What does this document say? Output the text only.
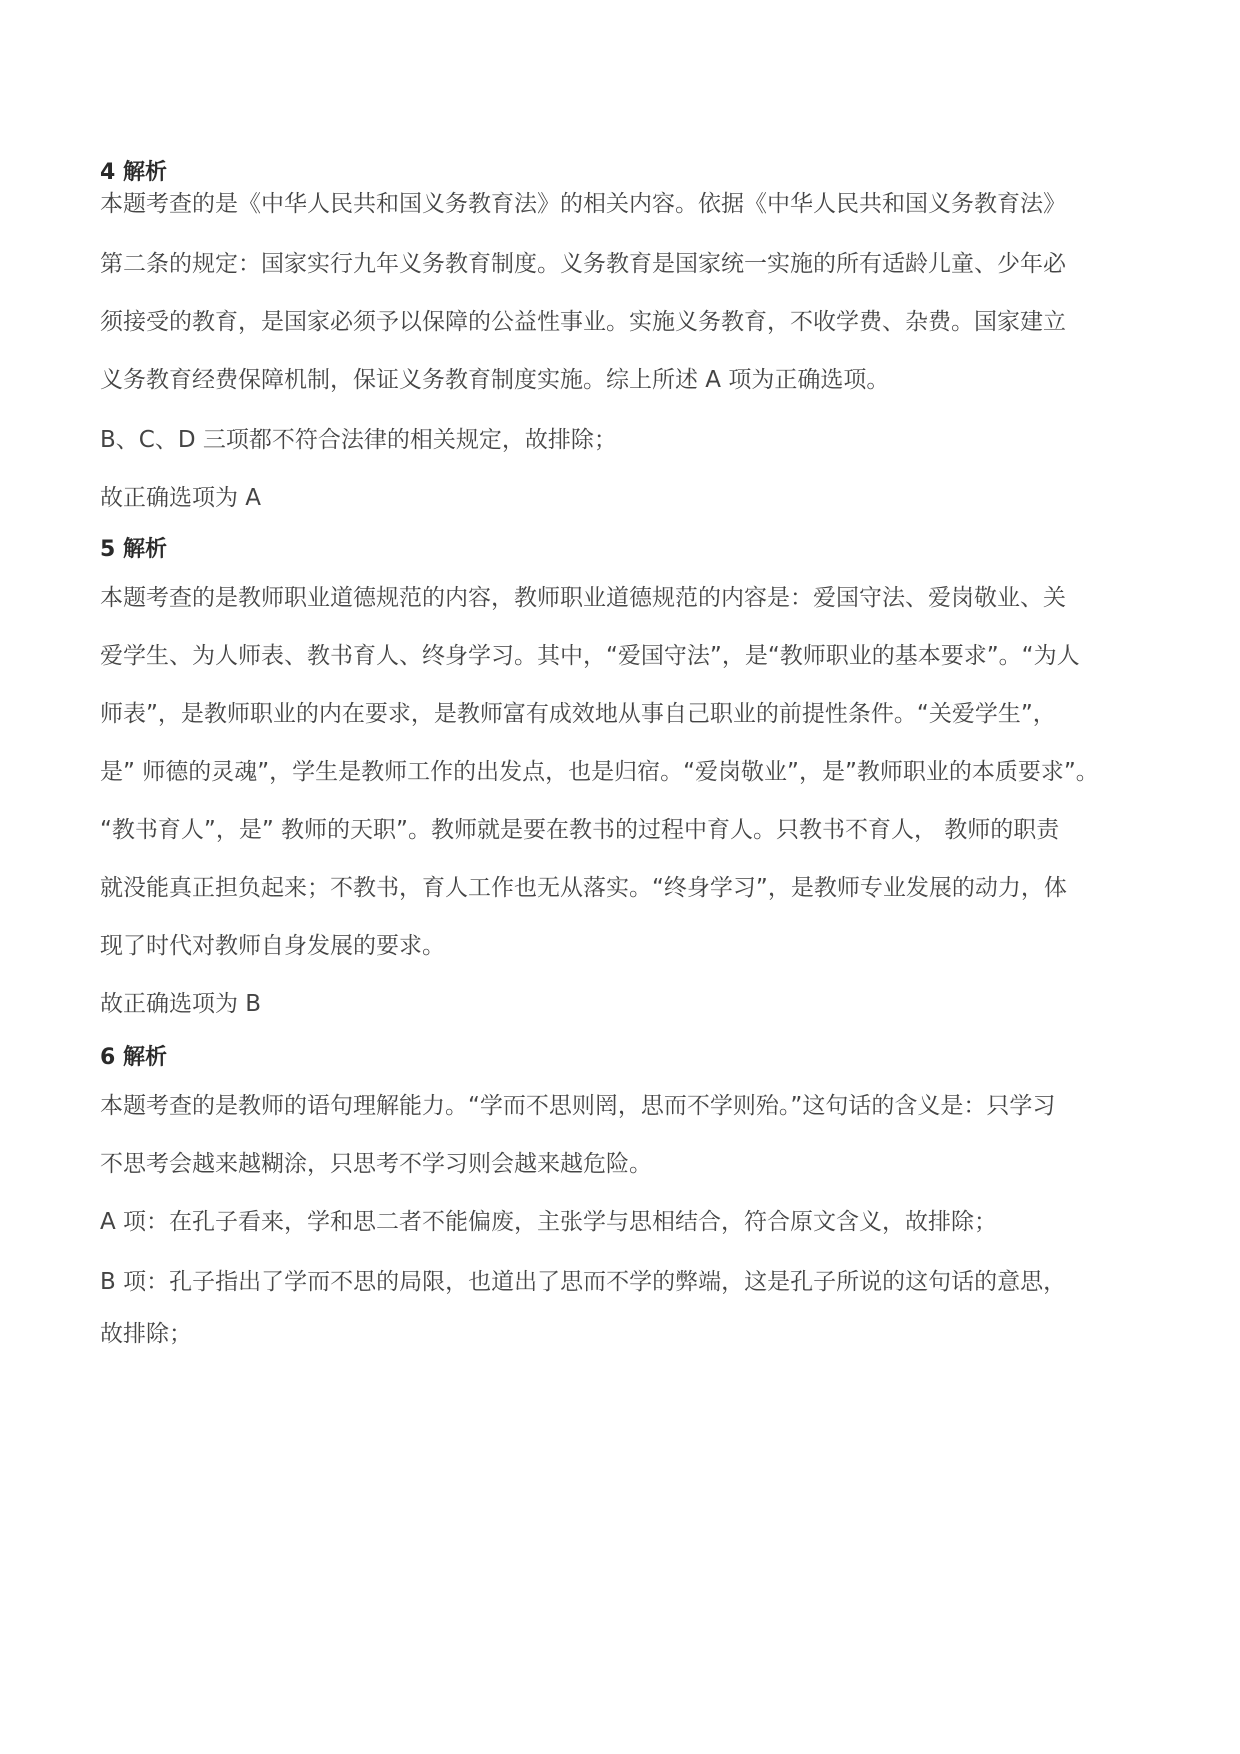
4 解析
本题考查的是《中华人民共和国义务教育法》的相关内容。依据《中华人民共和国义务教育法》
第二条的规定：国家实行九年义务教育制度。义务教育是国家统一实施的所有适龄儿童、少年必
须接受的教育，是国家必须予以保障的公益性事业。实施义务教育，不收学费、杂费。国家建立
义务教育经费保障机制，保证义务教育制度实施。综上所述 A 项为正确选项。
B、C、D 三项都不符合法律的相关规定，故排除；
故正确选项为 A
5 解析
本题考查的是教师职业道德规范的内容，教师职业道德规范的内容是：爱国守法、爱岗敬业、关
爱学生、为人师表、教书育人、终身学习。其中，“爱国守法”，是“教师职业的基本要求”。“为人
师表”，是教师职业的内在要求，是教师富有成效地从事自己职业的前提性条件。“关爱学生”，
是” 师德的灵魂”，学生是教师工作的出发点，也是归宿。“爱岗敬业”，是”教师职业的本质要求”。
“教书育人”，是” 教师的天职”。教师就是要在教书的过程中育人。只教书不育人， 教师的职责
就没能真正担负起来；不教书，育人工作也无从落实。“终身学习”，是教师专业发展的动力，体
现了时代对教师自身发展的要求。
故正确选项为 B
6 解析
本题考查的是教师的语句理解能力。“学而不思则罔，思而不学则殆。”这句话的含义是：只学习
不思考会越来越糊涂，只思考不学习则会越来越危险。
A 项：在孔子看来，学和思二者不能偏废，主张学与思相结合，符合原文含义，故排除；
B 项：孔子指出了学而不思的局限，也道出了思而不学的弊端，这是孔子所说的这句话的意思，
故排除；
